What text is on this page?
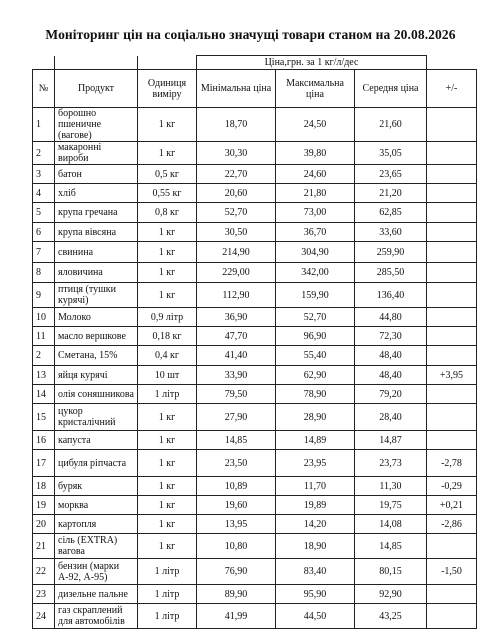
Моніторинг цін на соціально значущі товари станом на 20.08.2026
			Ціна,грн. за 1 кг/л/дес			
№	Продукт	Одиниця виміру	Мінімальна ціна	Максимальна ціна	Середня ціна	+/-
1	борошно пшеничне (вагове)	1 кг	18,70	24,50	21,60	
2	макаронні вироби	1 кг	30,30	39,80	35,05	
3	батон	0,5 кг	22,70	24,60	23,65	
4	хліб	0,55 кг	20,60	21,80	21,20	
5	крупа гречана	0,8 кг	52,70	73,00	62,85	
6	крупа вівсяна	1 кг	30,50	36,70	33,60	
7	свинина	1 кг	214,90	304,90	259,90	
8	яловичина	1 кг	229,00	342,00	285,50	
9	птиця (тушки курячі)	1 кг	112,90	159,90	136,40	
10	Молоко	0,9 літр	36,90	52,70	44,80	
11	масло вершкове	0,18 кг	47,70	96,90	72,30	
2	Сметана, 15%	0,4 кг	41,40	55,40	48,40	
13	яйця курячі	10 шт	33,90	62,90	48,40	+3,95
14	олія соняшникова	1 літр	79,50	78,90	79,20	
15	цукор кристалічний	1 кг	27,90	28,90	28,40	
16	капуста	1 кг	14,85	14,89	14,87	
17	цибуля ріпчаста	1 кг	23,50	23,95	23,73	-2,78
18	буряк	1 кг	10,89	11,70	11,30	-0,29
19	морква	1 кг	19,60	19,89	19,75	+0,21
20	картопля	1 кг	13,95	14,20	14,08	-2,86
21	сіль (EXTRA) вагова	1 кг	10,80	18,90	14,85	
22	бензин (марки А-92, А-95)	1 літр	76,90	83,40	80,15	-1,50
23	дизельне пальне	1 літр	89,90	95,90	92,90	
24	газ скраплений для автомобілів	1 літр	41,99	44,50	43,25	
